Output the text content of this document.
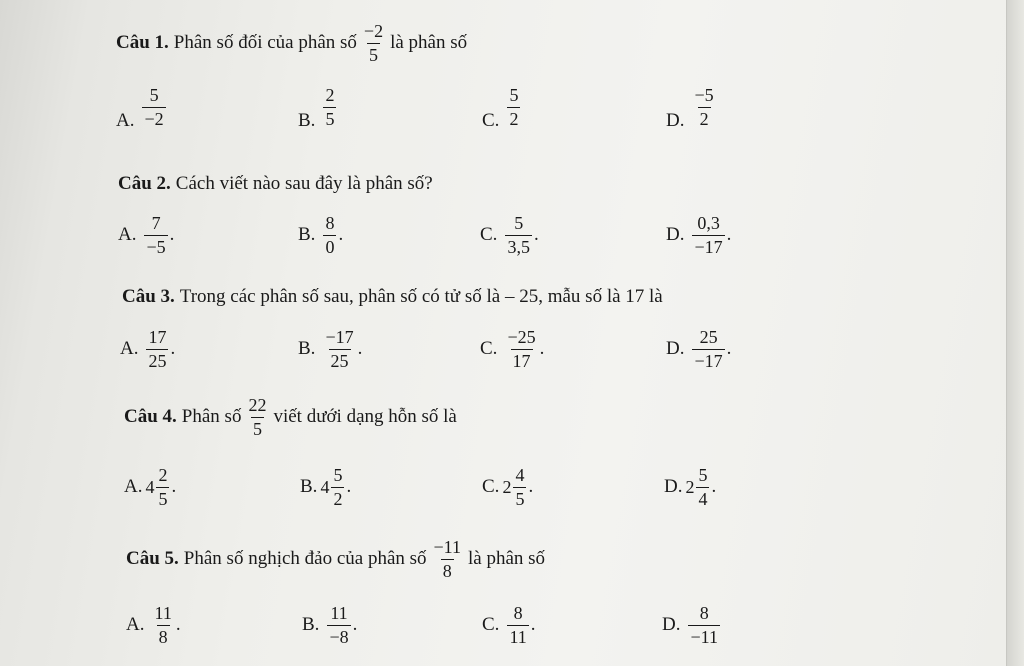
Câu 1. Phân số đối của phân số $\frac{-2}{5}$ là phân số
A. $\frac{5}{-2}$	B. $\frac{2}{5}$	C. $\frac{5}{2}$	D. $\frac{-5}{2}$
Câu 2. Cách viết nào sau đây là phân số?
A. $\frac{7}{-5}$ .	B. $\frac{8}{0}$ .	C. $\frac{5}{3,5}$ .	D. $\frac{0,3}{-17}$ .
Câu 3. Trong các phân số sau, phân số có tử số là – 25, mẫu số là 17 là
A. $\frac{17}{25}$ .	B. $\frac{-17}{25}$ .	C. $\frac{-25}{17}$ .	D. $\frac{25}{-17}$ .
Câu 4. Phân số $\frac{22}{5}$ viết dưới dạng hỗn số là
A. $4 \frac{2}{5}$ .	B. $4 \frac{5}{2}$ .	C. $2 \frac{4}{5}$ .	D. $2 \frac{5}{4}$ .
Câu 5. Phân số nghịch đảo của phân số $\frac{-11}{8}$ là phân số
A. $\frac{11}{8}$ .	B. $\frac{11}{-8}$ .	C. $\frac{8}{11}$ .	D. $\frac{8}{-11}$
